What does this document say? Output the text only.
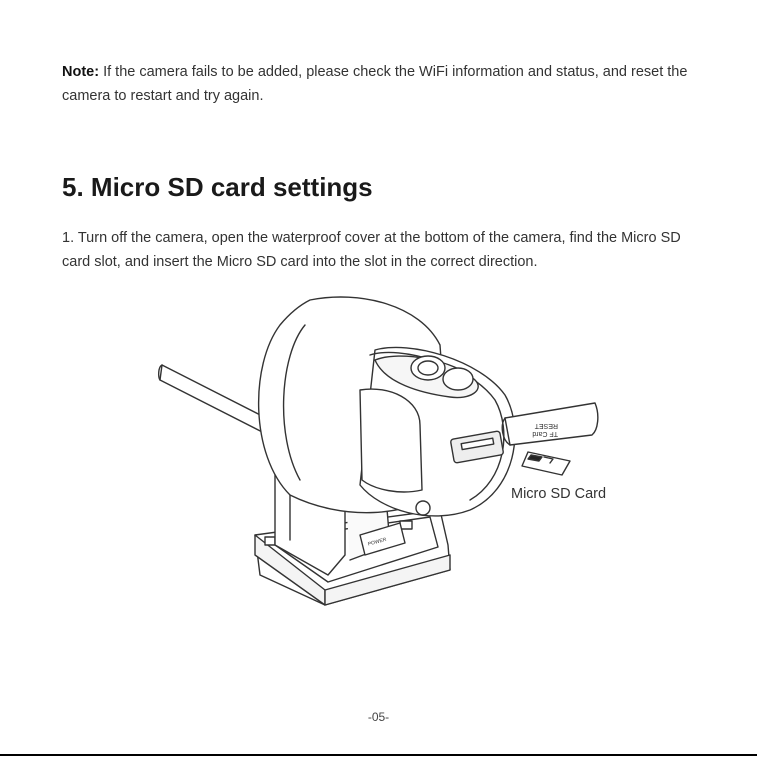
Note: If the camera fails to be added, please check the WiFi information and status, and reset the camera to restart and try again.
5. Micro SD card settings
1. Turn off the camera, open the waterproof cover at the bottom of the camera, find the Micro SD card slot, and insert the Micro SD card into the slot in the correct direction.
RESET
TF Card
POWER
Micro SD Card
-05-
